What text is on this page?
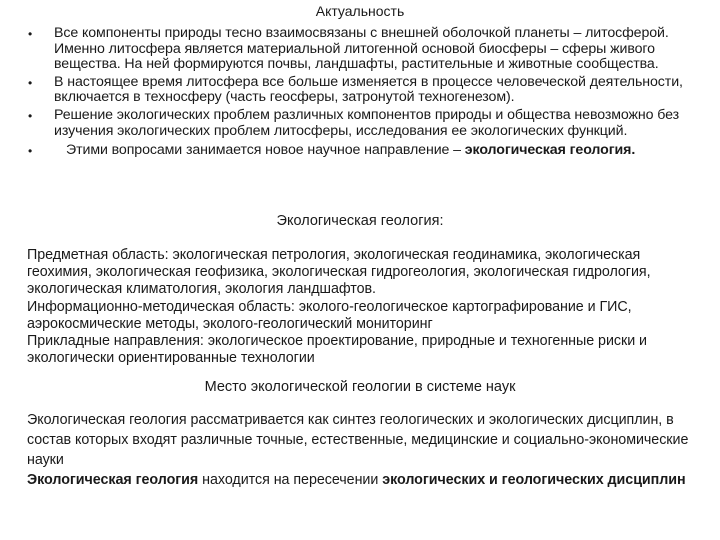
Актуальность
• Все компоненты природы тесно взаимосвязаны с внешней оболочкой планеты – литосферой. Именно литосфера является материальной литогенной основой биосферы – сферы живого вещества. На ней формируются почвы, ландшафты, растительные и животные сообщества.
• В настоящее время литосфера все больше изменяется в процессе человеческой деятельности, включается в техносферу (часть геосферы, затронутой техногенезом).
• Решение экологических проблем различных компонентов природы и общества невозможно без изучения экологических проблем литосферы, исследования ее экологических функций.
• Этими вопросами занимается новое научное направление – экологическая геология.
Экологическая геология:

Предметная область: экологическая петрология, экологическая геодинамика, экологическая геохимия, экологическая геофизика, экологическая гидрогеология, экологическая гидрология, экологическая климатология, экология ландшафтов.

Информационно-методическая область: эколого-геологическое картографирование и ГИС, аэрокосмические методы, эколого-геологический мониторинг

Прикладные направления: экологическое проектирование, природные и техногенные риски и экологически ориентированные технологии

Место экологической геологии в системе наук

Экологическая геология рассматривается как синтез геологических и экологических дисциплин, в состав которых входят различные точные, естественные, медицинские и социально-экономические науки

Экологическая геология находится на пересечении экологических и геологических дисциплин
